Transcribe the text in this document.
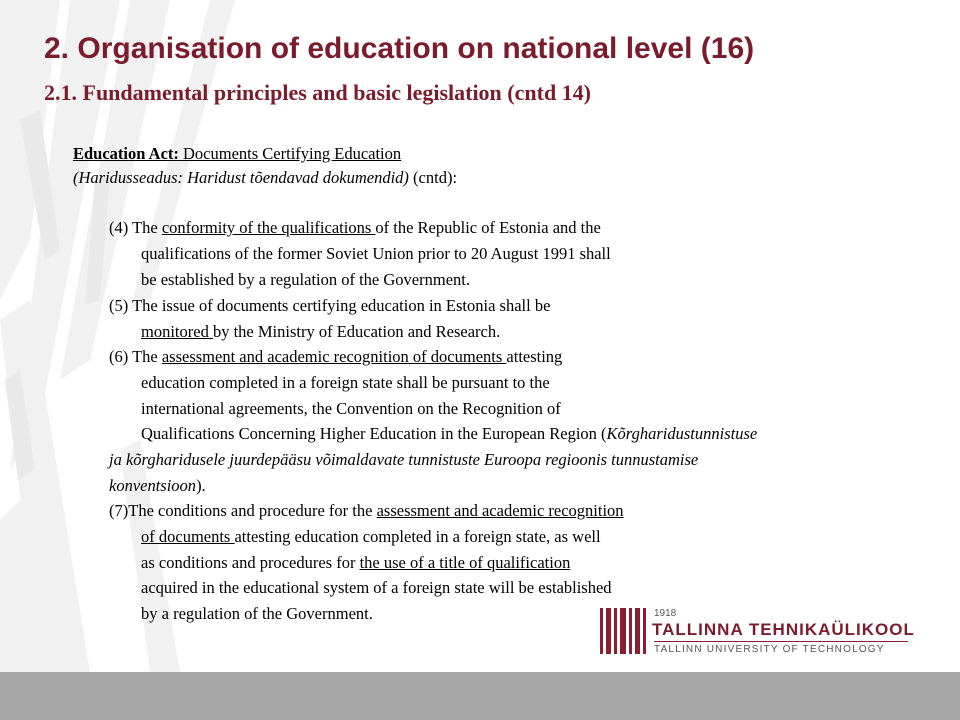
2. Organisation of education on national level (16)
2.1. Fundamental principles and basic legislation (cntd 14)
Education Act: Documents Certifying Education
(Haridusseadus: Haridust tõendavad dokumendid) (cntd):
(4) The conformity of the qualifications of the Republic of Estonia and the
qualifications of the former Soviet Union prior to 20 August 1991 shall
be established by a regulation of the Government.
(5) The issue of documents certifying education in Estonia shall be
monitored by the Ministry of Education and Research.
(6) The assessment and academic recognition of documents attesting
education completed in a foreign state shall be pursuant to the
international agreements, the Convention on the Recognition of
Qualifications Concerning Higher Education in the European Region (Kõrgharidustunnistuse
ja kõrgharidusele juurdepääsu võimaldavate tunnistuste Euroopa regioonis tunnustamise
konventsioon).
(7)The conditions and procedure for the assessment and academic recognition
of documents attesting education completed in a foreign state, as well
as conditions and procedures for the use of a title of qualification
acquired in the educational system of a foreign state will be established
by a regulation of the Government.	1918
TALLINNA TEHNIKAÜLIKOOL
TALLINN UNIVERSITY OF TECHNOLOGY
